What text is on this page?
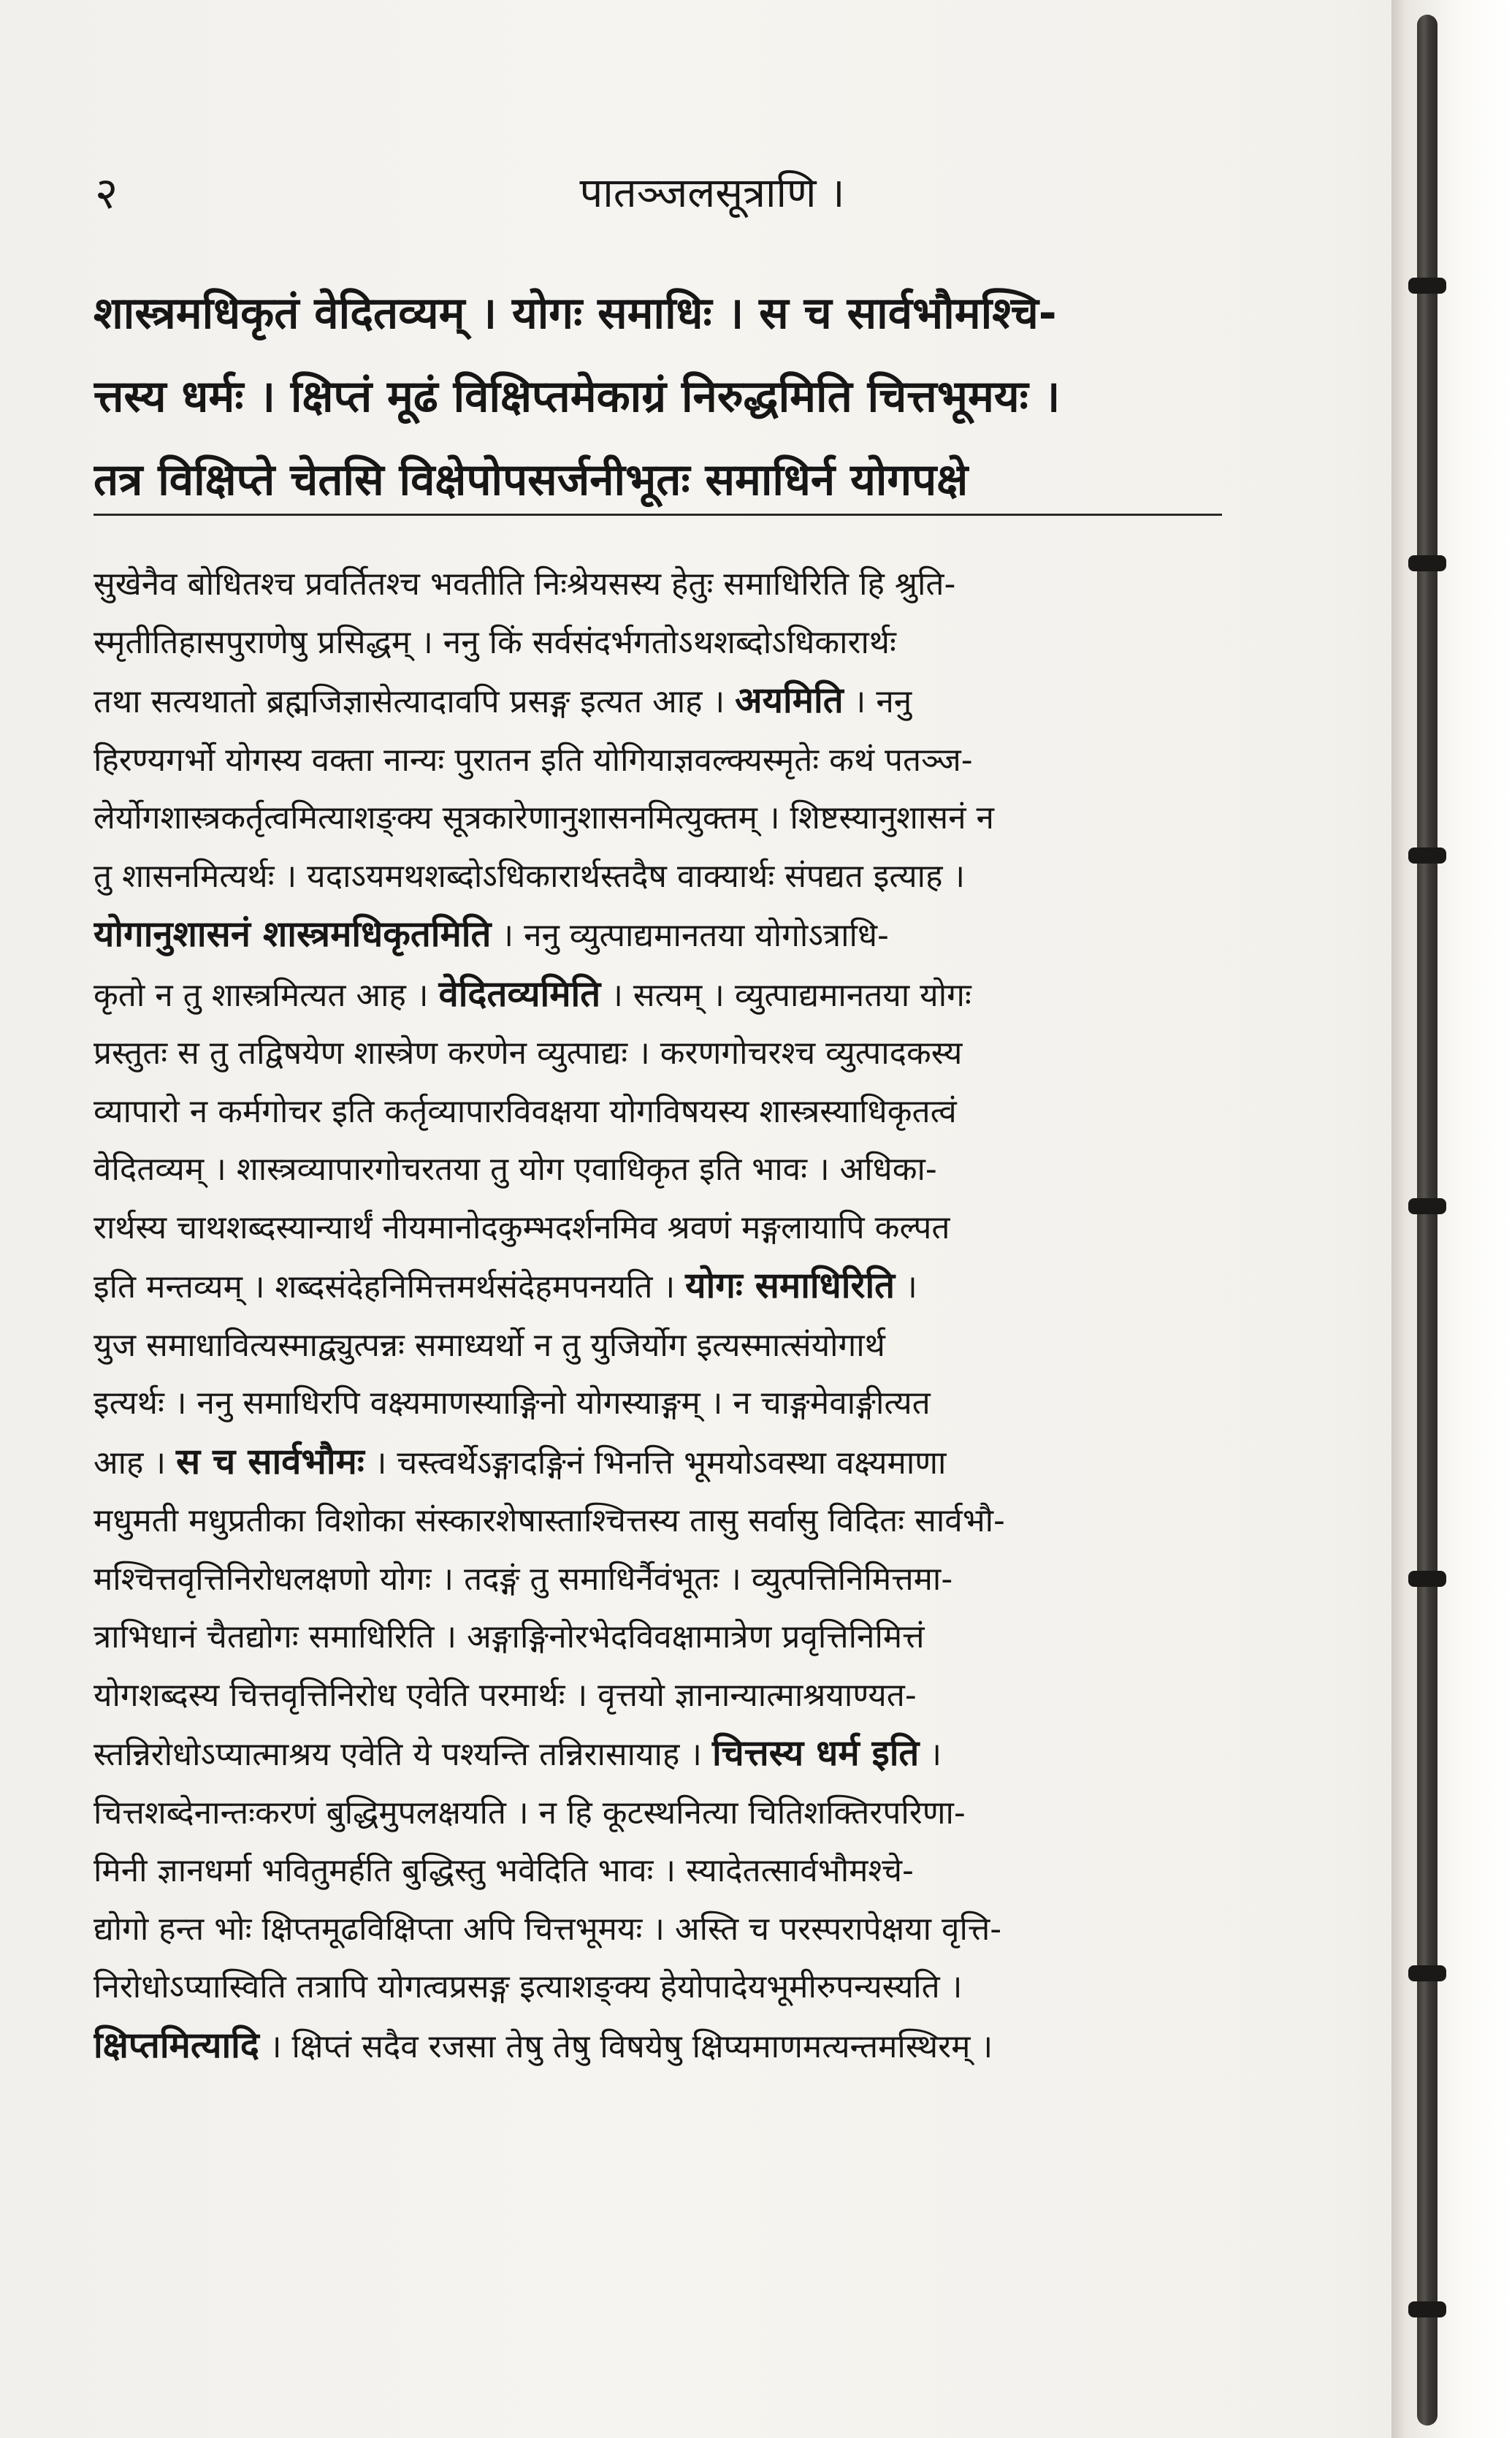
२	पातञ्जलसूत्राणि ।
शास्त्रमधिकृतं वेदितव्यम् । योगः समाधिः । स च सार्वभौमश्चि-
त्तस्य धर्मः । क्षिप्तं मूढं विक्षिप्तमेकाग्रं निरुद्धमिति चित्तभूमयः ।
तत्र विक्षिप्ते चेतसि विक्षेपोपसर्जनीभूतः समाधिर्न योगपक्षे
सुखेनैव बोधितश्च प्रवर्तितश्च भवतीति निःश्रेयसस्य हेतुः समाधिरिति हि श्रुति-
स्मृतीतिहासपुराणेषु प्रसिद्धम् । ननु किं सर्वसंदर्भगतोऽथशब्दोऽधिकारार्थः
तथा सत्यथातो ब्रह्मजिज्ञासेत्यादावपि प्रसङ्ग इत्यत आह । अयमिति । ननु
हिरण्यगर्भो योगस्य वक्ता नान्यः पुरातन इति योगियाज्ञवल्क्यस्मृतेः कथं पतञ्ज-
लेर्योगशास्त्रकर्तृत्वमित्याशङ्क्य सूत्रकारेणानुशासनमित्युक्तम् । शिष्टस्यानुशासनं न
तु शासनमित्यर्थः । यदाऽयमथशब्दोऽधिकारार्थस्तदैष वाक्यार्थः संपद्यत इत्याह ।
योगानुशासनं शास्त्रमधिकृतमिति । ननु व्युत्पाद्यमानतया योगोऽत्राधि-
कृतो न तु शास्त्रमित्यत आह । वेदितव्यमिति । सत्यम् । व्युत्पाद्यमानतया योगः
प्रस्तुतः स तु तद्विषयेण शास्त्रेण करणेन व्युत्पाद्यः । करणगोचरश्च व्युत्पादकस्य
व्यापारो न कर्मगोचर इति कर्तृव्यापारविवक्षया योगविषयस्य शास्त्रस्याधिकृतत्वं
वेदितव्यम् । शास्त्रव्यापारगोचरतया तु योग एवाधिकृत इति भावः । अधिका-
रार्थस्य चाथशब्दस्यान्यार्थं नीयमानोदकुम्भदर्शनमिव श्रवणं मङ्गलायापि कल्पत
इति मन्तव्यम् । शब्दसंदेहनिमित्तमर्थसंदेहमपनयति । योगः समाधिरिति ।
युज समाधावित्यस्माद्व्युत्पन्नः समाध्यर्थो न तु युजिर्योग इत्यस्मात्संयोगार्थ
इत्यर्थः । ननु समाधिरपि वक्ष्यमाणस्याङ्गिनो योगस्याङ्गम् । न चाङ्गमेवाङ्गीत्यत
आह । स च सार्वभौमः । चस्त्वर्थेऽङ्गादङ्गिनं भिनत्ति भूमयोऽवस्था वक्ष्यमाणा
मधुमती मधुप्रतीका विशोका संस्कारशेषास्ताश्चित्तस्य तासु सर्वासु विदितः सार्वभौ-
मश्चित्तवृत्तिनिरोधलक्षणो योगः । तदङ्गं तु समाधिर्नैवंभूतः । व्युत्पत्तिनिमित्तमा-
त्राभिधानं चैतद्योगः समाधिरिति । अङ्गाङ्गिनोरभेदविवक्षामात्रेण प्रवृत्तिनिमित्तं
योगशब्दस्य चित्तवृत्तिनिरोध एवेति परमार्थः । वृत्तयो ज्ञानान्यात्माश्रयाण्यत-
स्तन्निरोधोऽप्यात्माश्रय एवेति ये पश्यन्ति तन्निरासायाह । चित्तस्य धर्म इति ।
चित्तशब्देनान्तःकरणं बुद्धिमुपलक्षयति । न हि कूटस्थनित्या चितिशक्तिरपरिणा-
मिनी ज्ञानधर्मा भवितुमर्हति बुद्धिस्तु भवेदिति भावः । स्यादेतत्सार्वभौमश्चे-
द्योगो हन्त भोः क्षिप्तमूढविक्षिप्ता अपि चित्तभूमयः । अस्ति च परस्परापेक्षया वृत्ति-
निरोधोऽप्यास्विति तत्रापि योगत्वप्रसङ्ग इत्याशङ्क्य हेयोपादेयभूमीरुपन्यस्यति ।
क्षिप्तमित्यादि । क्षिप्तं सदैव रजसा तेषु तेषु विषयेषु क्षिप्यमाणमत्यन्तमस्थिरम् ।
